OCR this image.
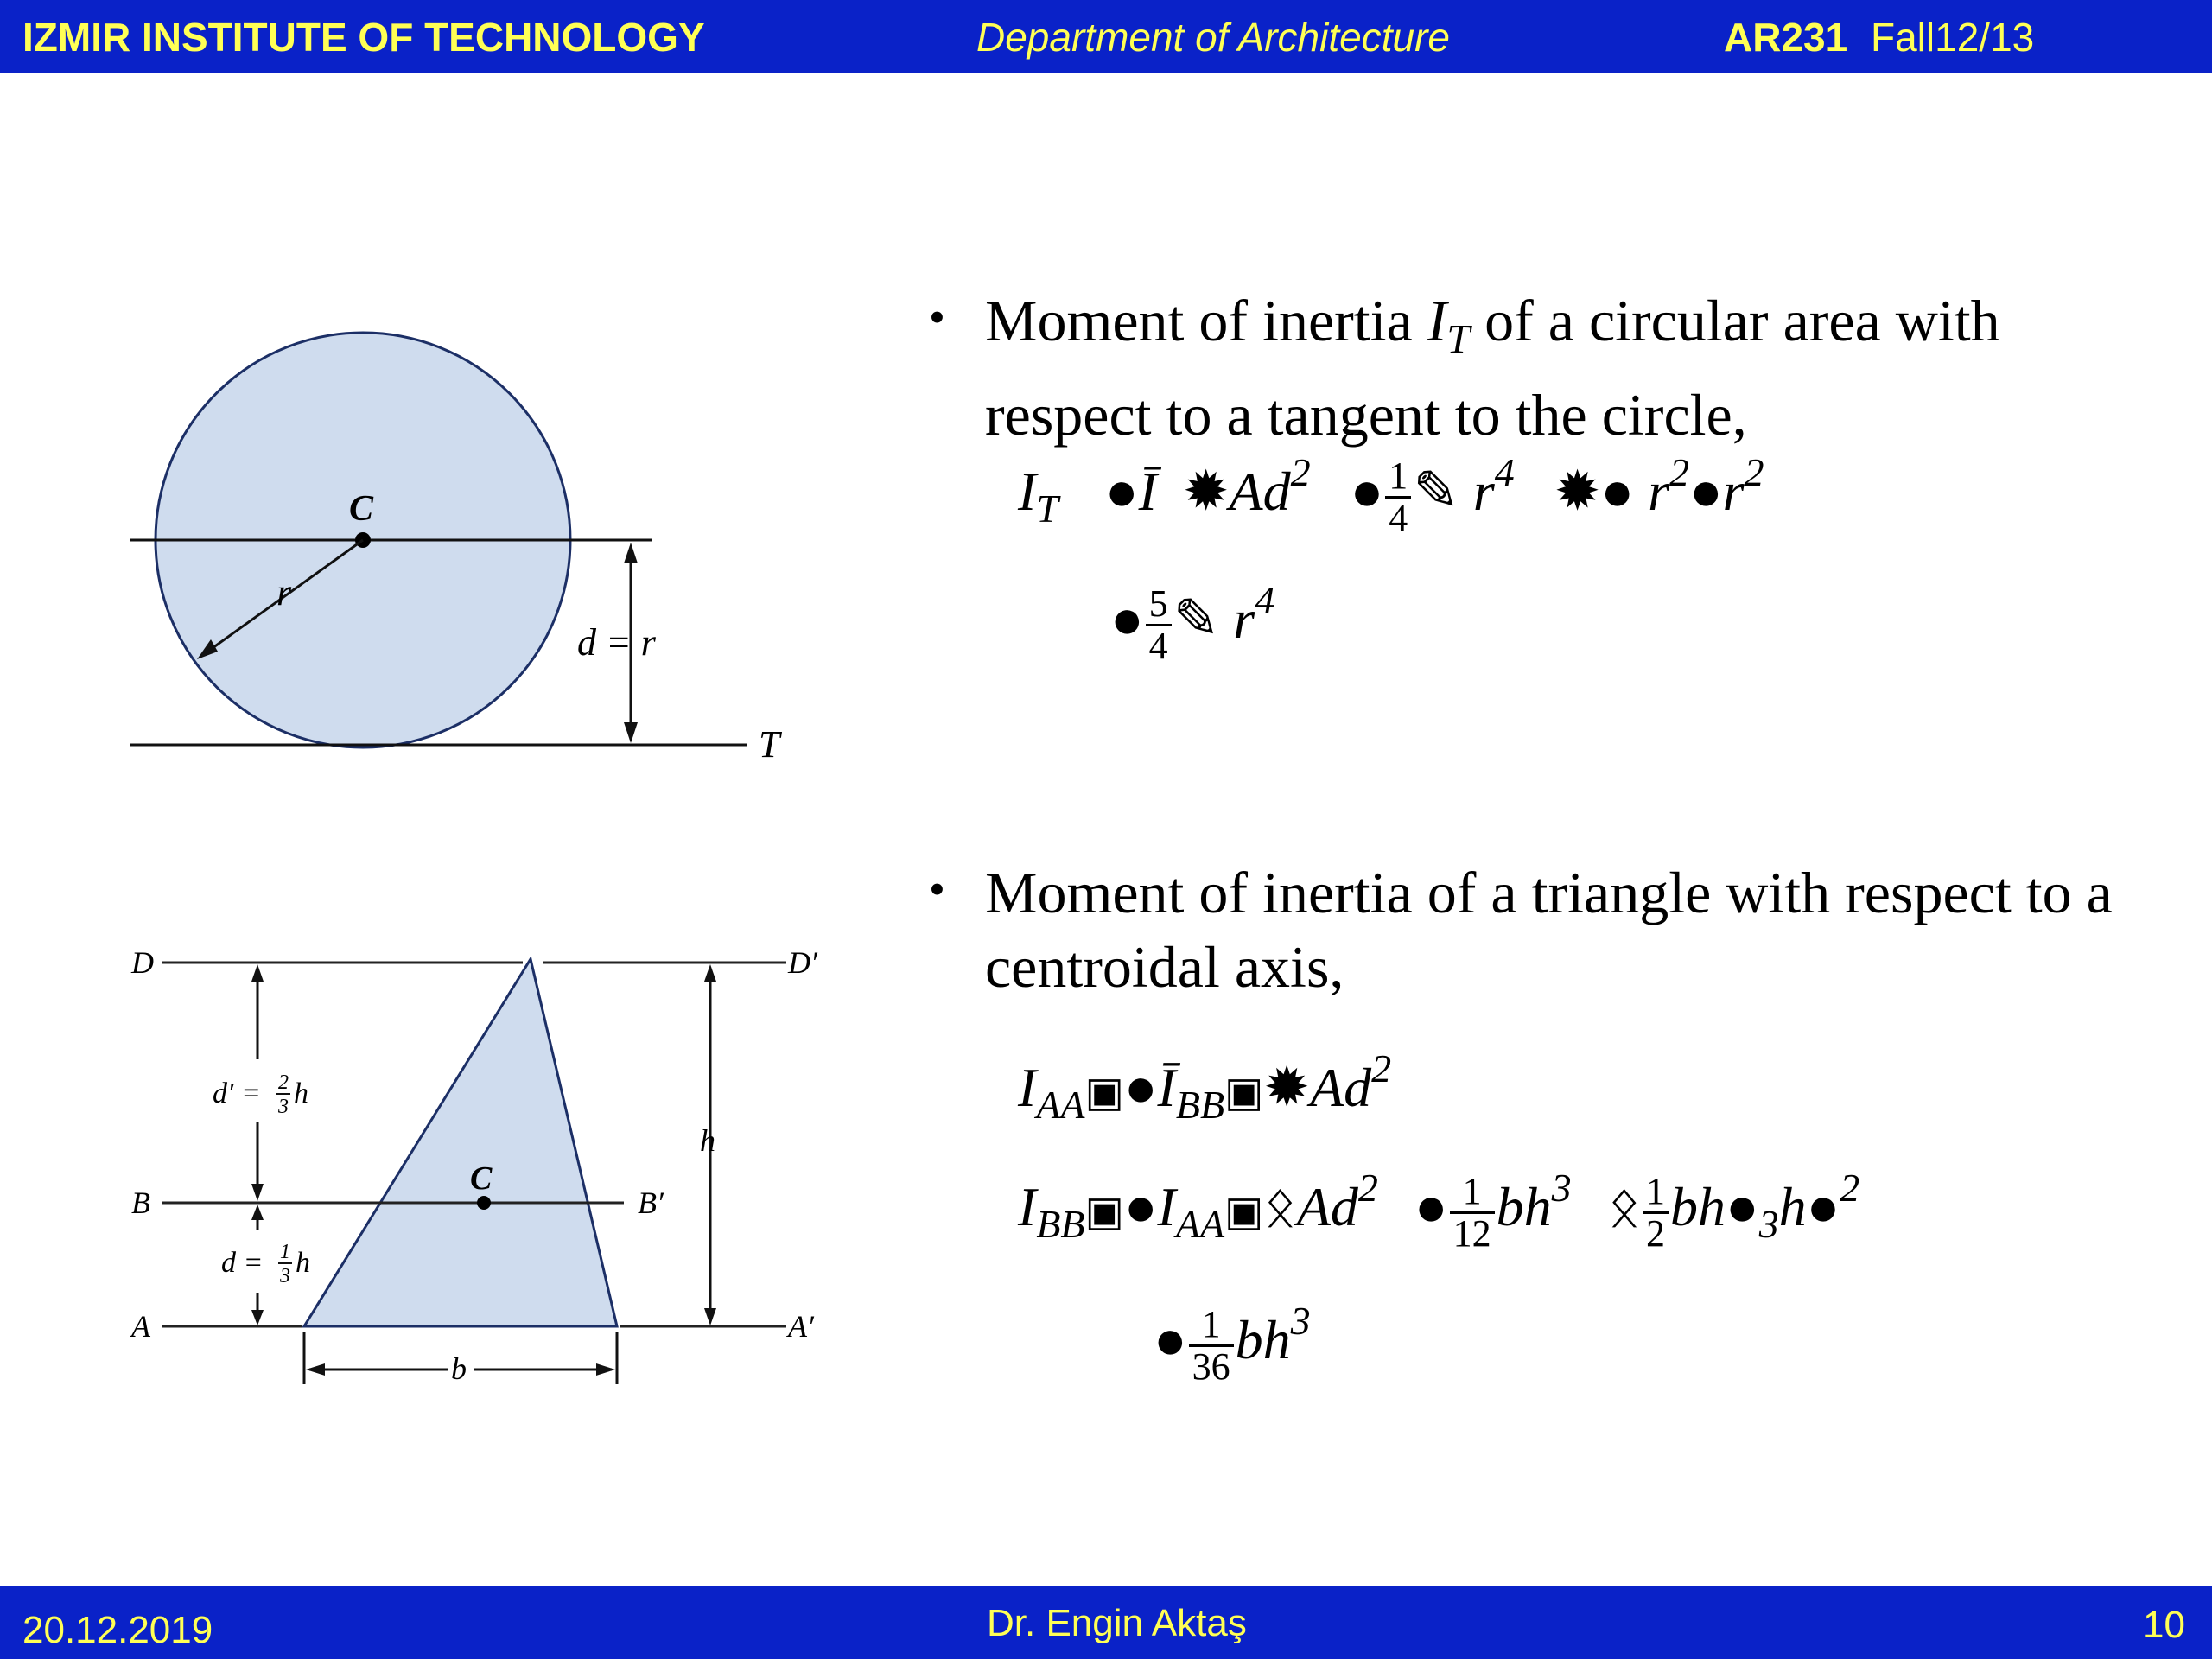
IZMIR INSTITUTE OF TECHNOLOGY	Department of Architecture	AR231 Fall12/13
C
r
d = r
T
D	D′
B	B′
A	A′
C
h
b
d′ = 2
3 h
d = 1
3 h
• Moment of inertia $I_T$ of a circular area with
respect to a tangent to the circle,
$I_T$ ●Ī ✹Ad$^2$ ● $\frac{1}{4}$ ✎ $r^4$ ✹● $r^2●r^2$
● $\frac{5}{4}$ ✎ $r^4$
• Moment of inertia of a triangle with respect to a
centroidal axis,
$I_{AA}▣●Ī_{BB}▣✹Ad^2$
$I_{BB}▣●I_{AA}▣ᛟAd^2$ ● $\frac{1}{12} bh^3$ ᛟ $\frac{1}{2}$ $bh●_3h●^2$
● $\frac{1}{36} bh^3$
20.12.2019	Dr. Engin Aktaş	10
